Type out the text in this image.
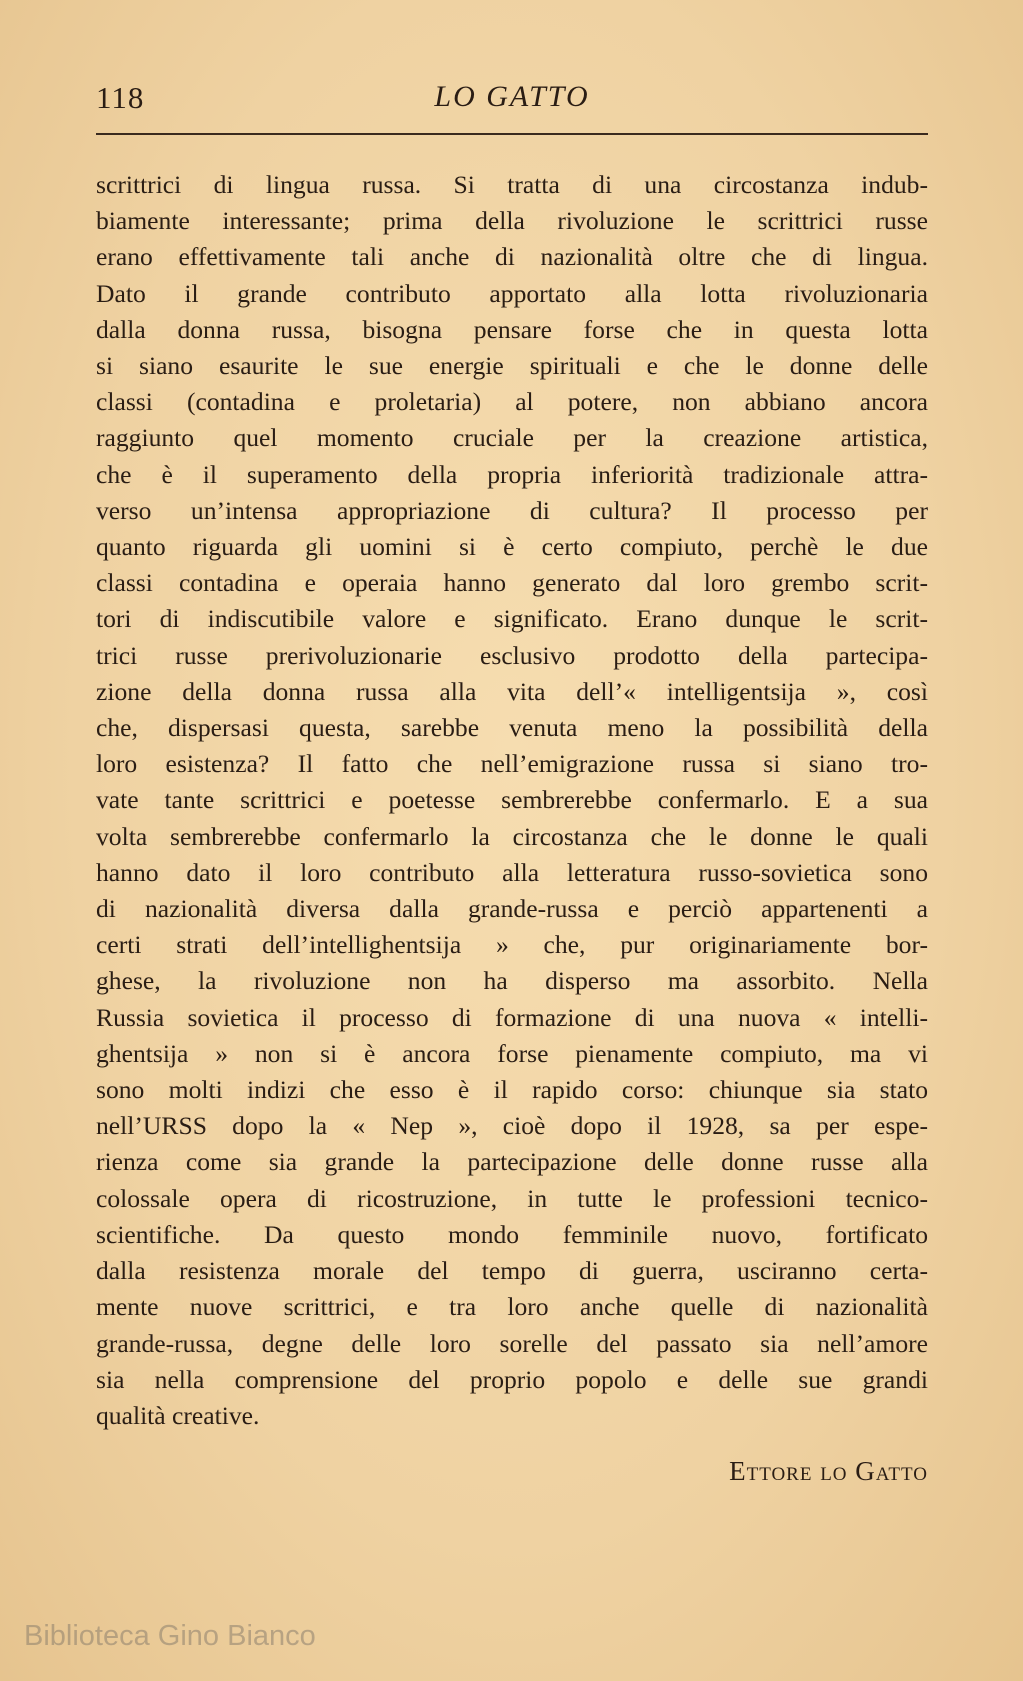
118	LO GATTO
scrittrici di lingua russa. Si tratta di una circostanza indub-
biamente interessante; prima della rivoluzione le scrittrici russe
erano effettivamente tali anche di nazionalità oltre che di lingua.
Dato il grande contributo apportato alla lotta rivoluzionaria
dalla donna russa, bisogna pensare forse che in questa lotta
si siano esaurite le sue energie spirituali e che le donne delle
classi (contadina e proletaria) al potere, non abbiano ancora
raggiunto quel momento cruciale per la creazione artistica,
che è il superamento della propria inferiorità tradizionale attra-
verso un’intensa appropriazione di cultura? Il processo per
quanto riguarda gli uomini si è certo compiuto, perchè le due
classi contadina e operaia hanno generato dal loro grembo scrit-
tori di indiscutibile valore e significato. Erano dunque le scrit-
trici russe prerivoluzionarie esclusivo prodotto della partecipa-
zione della donna russa alla vita dell’« intelligentsija », così
che, dispersasi questa, sarebbe venuta meno la possibilità della
loro esistenza? Il fatto che nell’emigrazione russa si siano tro-
vate tante scrittrici e poetesse sembrerebbe confermarlo. E a sua
volta sembrerebbe confermarlo la circostanza che le donne le quali
hanno dato il loro contributo alla letteratura russo-sovietica sono
di nazionalità diversa dalla grande-russa e perciò appartenenti a
certi strati dell’intellighentsija » che, pur originariamente bor-
ghese, la rivoluzione non ha disperso ma assorbito. Nella
Russia sovietica il processo di formazione di una nuova « intelli-
ghentsija » non si è ancora forse pienamente compiuto, ma vi
sono molti indizi che esso è il rapido corso: chiunque sia stato
nell’URSS dopo la « Nep », cioè dopo il 1928, sa per espe-
rienza come sia grande la partecipazione delle donne russe alla
colossale opera di ricostruzione, in tutte le professioni tecnico-
scientifiche. Da questo mondo femminile nuovo, fortificato
dalla resistenza morale del tempo di guerra, usciranno certa-
mente nuove scrittrici, e tra loro anche quelle di nazionalità
grande-russa, degne delle loro sorelle del passato sia nell’amore
sia nella comprensione del proprio popolo e delle sue grandi
qualità creative.
Ettore lo Gatto
Biblioteca Gino Bianco
